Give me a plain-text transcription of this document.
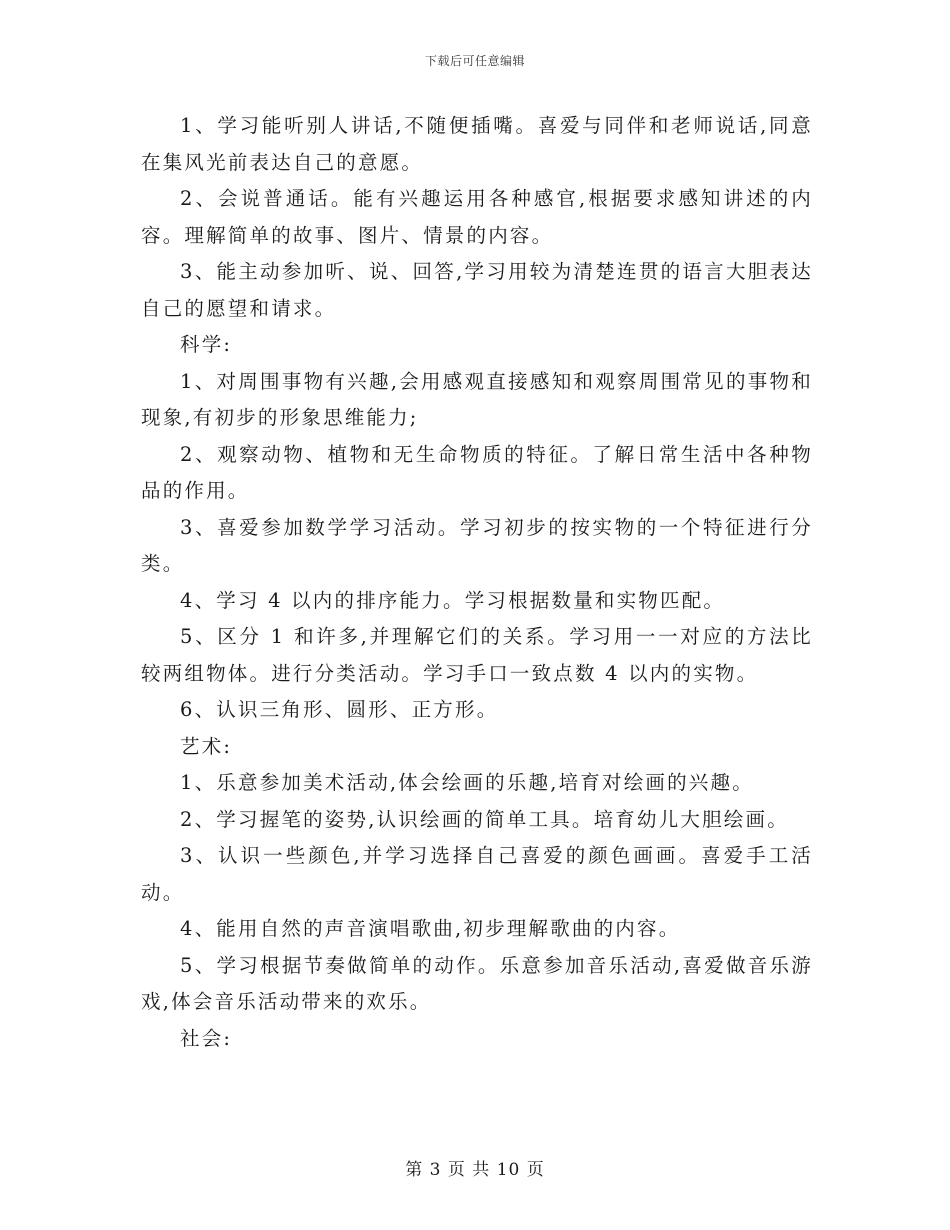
下载后可任意编辑

1、学习能听别人讲话,不随便插嘴。喜爱与同伴和老师说话,同意在集风光前表达自己的意愿。

2、会说普通话。能有兴趣运用各种感官,根据要求感知讲述的内容。理解简单的故事、图片、情景的内容。

3、能主动参加听、说、回答,学习用较为清楚连贯的语言大胆表达自己的愿望和请求。

科学:

1、对周围事物有兴趣,会用感观直接感知和观察周围常见的事物和现象,有初步的形象思维能力;

2、观察动物、植物和无生命物质的特征。了解日常生活中各种物品的作用。

3、喜爱参加数学学习活动。学习初步的按实物的一个特征进行分类。

4、学习 4 以内的排序能力。学习根据数量和实物匹配。

5、区分 1 和许多,并理解它们的关系。学习用一一对应的方法比较两组物体。进行分类活动。学习手口一致点数 4 以内的实物。

6、认识三角形、圆形、正方形。

艺术:

1、乐意参加美术活动,体会绘画的乐趣,培育对绘画的兴趣。

2、学习握笔的姿势,认识绘画的简单工具。培育幼儿大胆绘画。

3、认识一些颜色,并学习选择自己喜爱的颜色画画。喜爱手工活动。

4、能用自然的声音演唱歌曲,初步理解歌曲的内容。

5、学习根据节奏做简单的动作。乐意参加音乐活动,喜爱做音乐游戏,体会音乐活动带来的欢乐。

社会:

第 3 页 共 10 页
